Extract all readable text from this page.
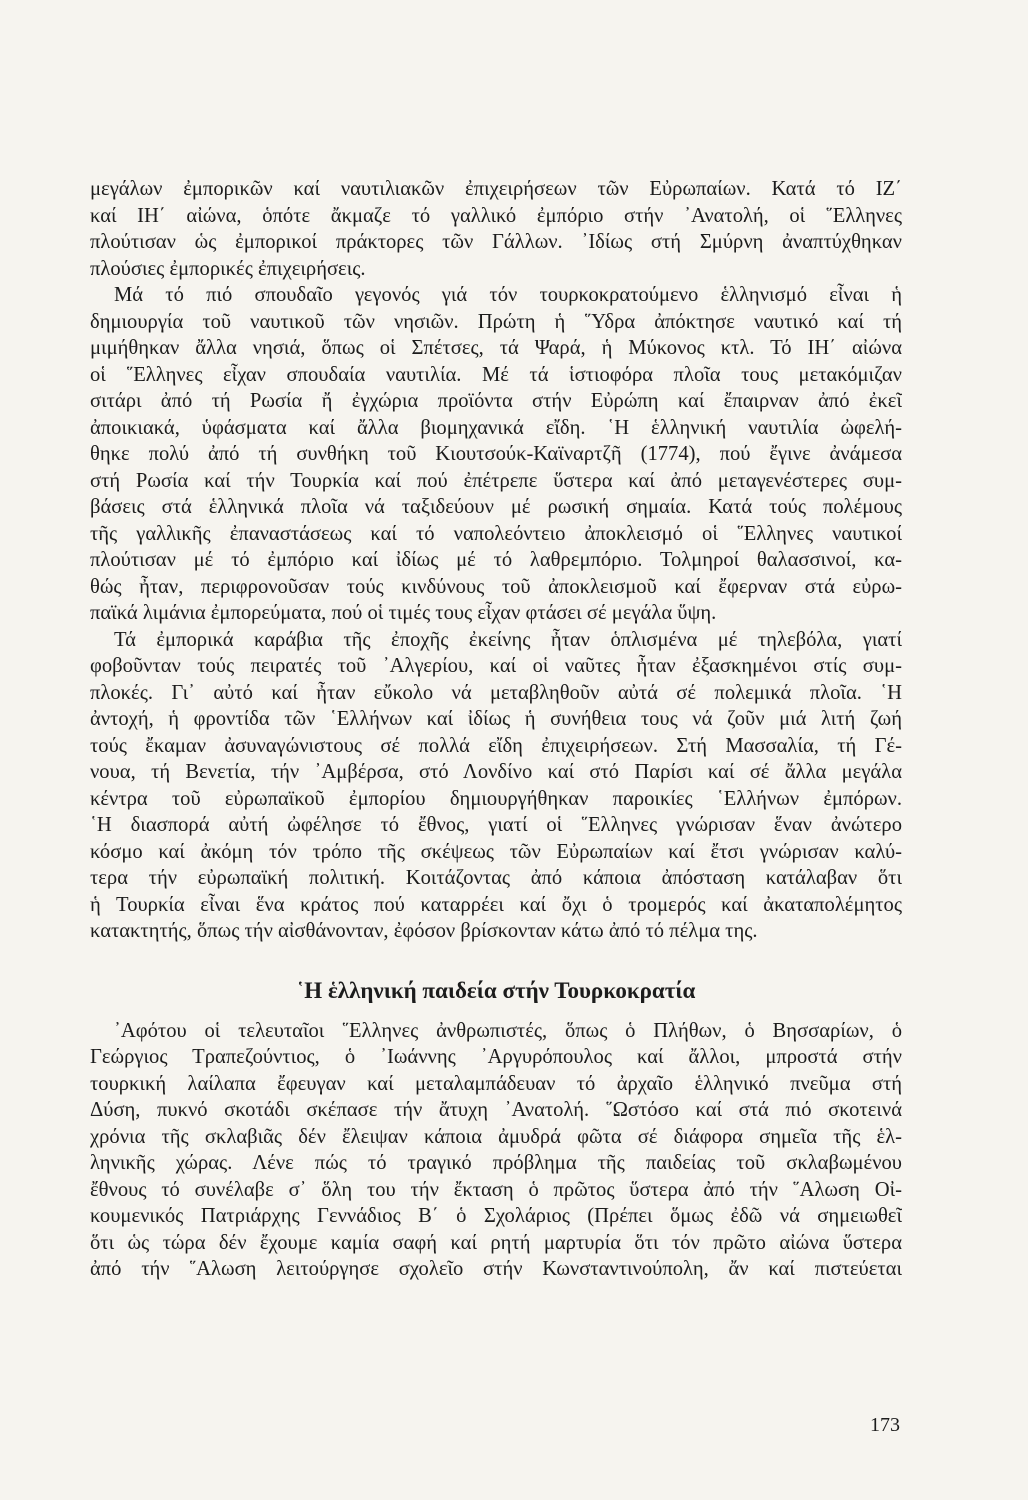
μεγάλων ἐμπορικῶν καί ναυτιλιακῶν ἐπιχειρήσεων τῶν Εὐρωπαίων. Κατά τό ΙΖ΄
καί ΙΗ΄ αἰώνα, ὁπότε ἄκμαζε τό γαλλικό ἐμπόριο στήν ᾿Ανατολή, οἱ ῞Ελληνες
πλούτισαν ὡς ἐμπορικοί πράκτορες τῶν Γάλλων. ᾿Ιδίως στή Σμύρνη ἀναπτύχθηκαν
πλούσιες ἐμπορικές ἐπιχειρήσεις.
Μά τό πιό σπουδαῖο γεγονός γιά τόν τουρκοκρατούμενο ἑλληνισμό εἶναι ἡ
δημιουργία τοῦ ναυτικοῦ τῶν νησιῶν. Πρώτη ἡ ῞Υδρα ἀπόκτησε ναυτικό καί τή
μιμήθηκαν ἄλλα νησιά, ὅπως οἱ Σπέτσες, τά Ψαρά, ἡ Μύκονος κτλ. Τό ΙΗ΄ αἰώνα
οἱ ῞Ελληνες εἶχαν σπουδαία ναυτιλία. Μέ τά ἱστιοφόρα πλοῖα τους μετακόμιζαν
σιτάρι ἀπό τή Ρωσία ἤ ἐγχώρια προϊόντα στήν Εὐρώπη καί ἔπαιρναν ἀπό ἐκεῖ
ἀποικιακά, ὑφάσματα καί ἄλλα βιομηχανικά εἴδη. ῾Η ἑλληνική ναυτιλία ὠφελή-
θηκε πολύ ἀπό τή συνθήκη τοῦ Κιουτσούκ-Καϊναρτζῆ (1774), πού ἔγινε ἀνάμεσα
στή Ρωσία καί τήν Τουρκία καί πού ἐπέτρεπε ὕστερα καί ἀπό μεταγενέστερες συμ-
βάσεις στά ἑλληνικά πλοῖα νά ταξιδεύουν μέ ρωσική σημαία. Κατά τούς πολέμους
τῆς γαλλικῆς ἐπαναστάσεως καί τό ναπολεόντειο ἀποκλεισμό οἱ ῞Ελληνες ναυτικοί
πλούτισαν μέ τό ἐμπόριο καί ἰδίως μέ τό λαθρεμπόριο. Τολμηροί θαλασσινοί, κα-
θώς ἦταν, περιφρονοῦσαν τούς κινδύνους τοῦ ἀποκλεισμοῦ καί ἔφερναν στά εὐρω-
παϊκά λιμάνια ἐμπορεύματα, πού οἱ τιμές τους εἶχαν φτάσει σέ μεγάλα ὕψη.
Τά ἐμπορικά καράβια τῆς ἐποχῆς ἐκείνης ἦταν ὁπλισμένα μέ τηλεβόλα, γιατί
φοβοῦνταν τούς πειρατές τοῦ ᾿Αλγερίου, καί οἱ ναῦτες ἦταν ἐξασκημένοι στίς συμ-
πλοκές. Γι᾿ αὐτό καί ἦταν εὔκολο νά μεταβληθοῦν αὐτά σέ πολεμικά πλοῖα. ῾Η
ἀντοχή, ἡ φροντίδα τῶν ῾Ελλήνων καί ἰδίως ἡ συνήθεια τους νά ζοῦν μιά λιτή ζωή
τούς ἔκαμαν ἀσυναγώνιστους σέ πολλά εἴδη ἐπιχειρήσεων. Στή Μασσαλία, τή Γέ-
νουα, τή Βενετία, τήν ᾿Αμβέρσα, στό Λονδίνο καί στό Παρίσι καί σέ ἄλλα μεγάλα
κέντρα τοῦ εὐρωπαϊκοῦ ἐμπορίου δημιουργήθηκαν παροικίες ῾Ελλήνων ἐμπόρων.
῾Η διασπορά αὐτή ὠφέλησε τό ἔθνος, γιατί οἱ ῞Ελληνες γνώρισαν ἕναν ἀνώτερο
κόσμο καί ἀκόμη τόν τρόπο τῆς σκέψεως τῶν Εὐρωπαίων καί ἔτσι γνώρισαν καλύ-
τερα τήν εὐρωπαϊκή πολιτική. Κοιτάζοντας ἀπό κάποια ἀπόσταση κατάλαβαν ὅτι
ἡ Τουρκία εἶναι ἕνα κράτος πού καταρρέει καί ὄχι ὁ τρομερός καί ἀκαταπολέμητος
κατακτητής, ὅπως τήν αἰσθάνονταν, ἐφόσον βρίσκονταν κάτω ἀπό τό πέλμα της.
῾Η ἑλληνική παιδεία στήν Τουρκοκρατία
᾿Αφότου οἱ τελευταῖοι ῞Ελληνες ἀνθρωπιστές, ὅπως ὁ Πλήθων, ὁ Βησσαρίων, ὁ
Γεώργιος Τραπεζούντιος, ὁ ᾿Ιωάννης ᾿Αργυρόπουλος καί ἄλλοι, μπροστά στήν
τουρκική λαίλαπα ἔφευγαν καί μεταλαμπάδευαν τό ἀρχαῖο ἑλληνικό πνεῦμα στή
Δύση, πυκνό σκοτάδι σκέπασε τήν ἄτυχη ᾿Ανατολή. ῞Ωστόσο καί στά πιό σκοτεινά
χρόνια τῆς σκλαβιᾶς δέν ἔλειψαν κάποια ἀμυδρά φῶτα σέ διάφορα σημεῖα τῆς ἑλ-
ληνικῆς χώρας. Λένε πώς τό τραγικό πρόβλημα τῆς παιδείας τοῦ σκλαβωμένου
ἔθνους τό συνέλαβε σ᾿ ὅλη του τήν ἔκταση ὁ πρῶτος ὕστερα ἀπό τήν ῞Αλωση Οἰ-
κουμενικός Πατριάρχης Γεννάδιος Β΄ ὁ Σχολάριος (Πρέπει ὅμως ἐδῶ νά σημειωθεῖ
ὅτι ὡς τώρα δέν ἔχουμε καμία σαφή καί ρητή μαρτυρία ὅτι τόν πρῶτο αἰώνα ὕστερα
ἀπό τήν ῞Αλωση λειτούργησε σχολεῖο στήν Κωνσταντινούπολη, ἄν καί πιστεύεται
173
